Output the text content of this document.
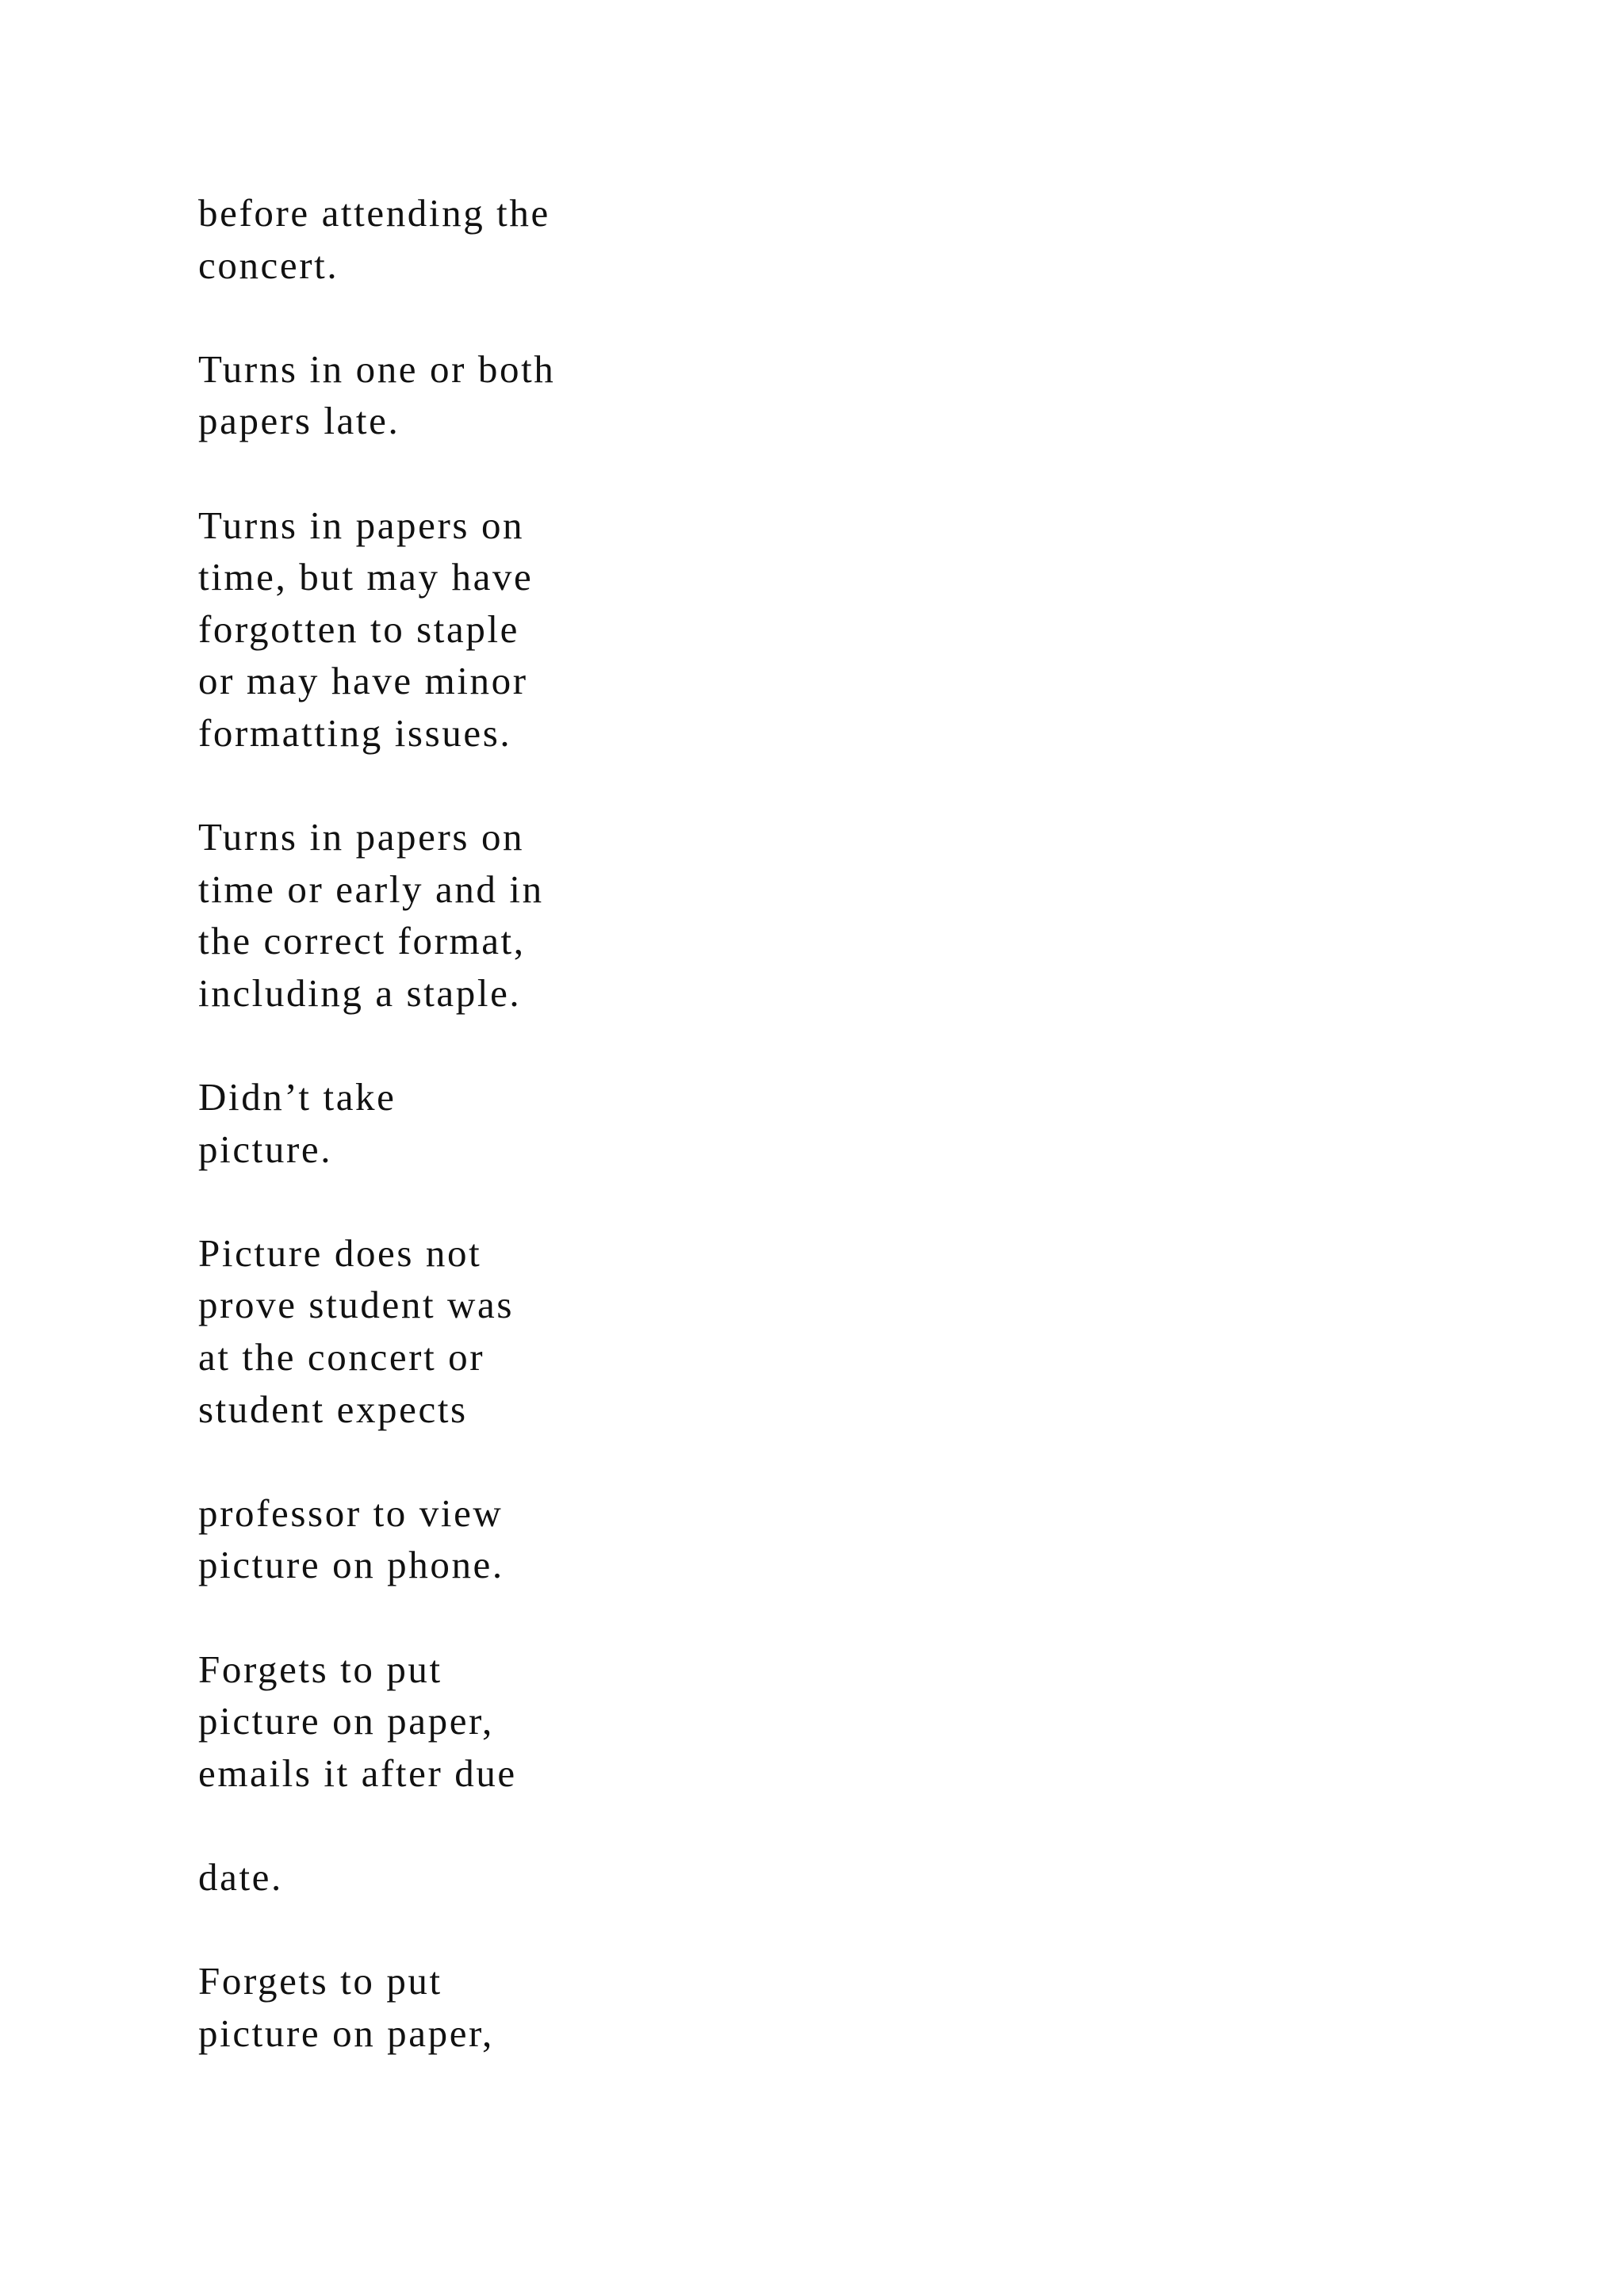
before attending the
concert.

Turns in one or both
papers late.

Turns in papers on
time, but may have
forgotten to staple
or may have minor
formatting issues.

Turns in papers on
time or early and in
the correct format,
including a staple.

Didn’t take
picture.

Picture does not
prove student was
at the concert or
student expects

professor to view
picture on phone.

Forgets to put
picture on paper,
emails it after due

date.

Forgets to put
picture on paper,
